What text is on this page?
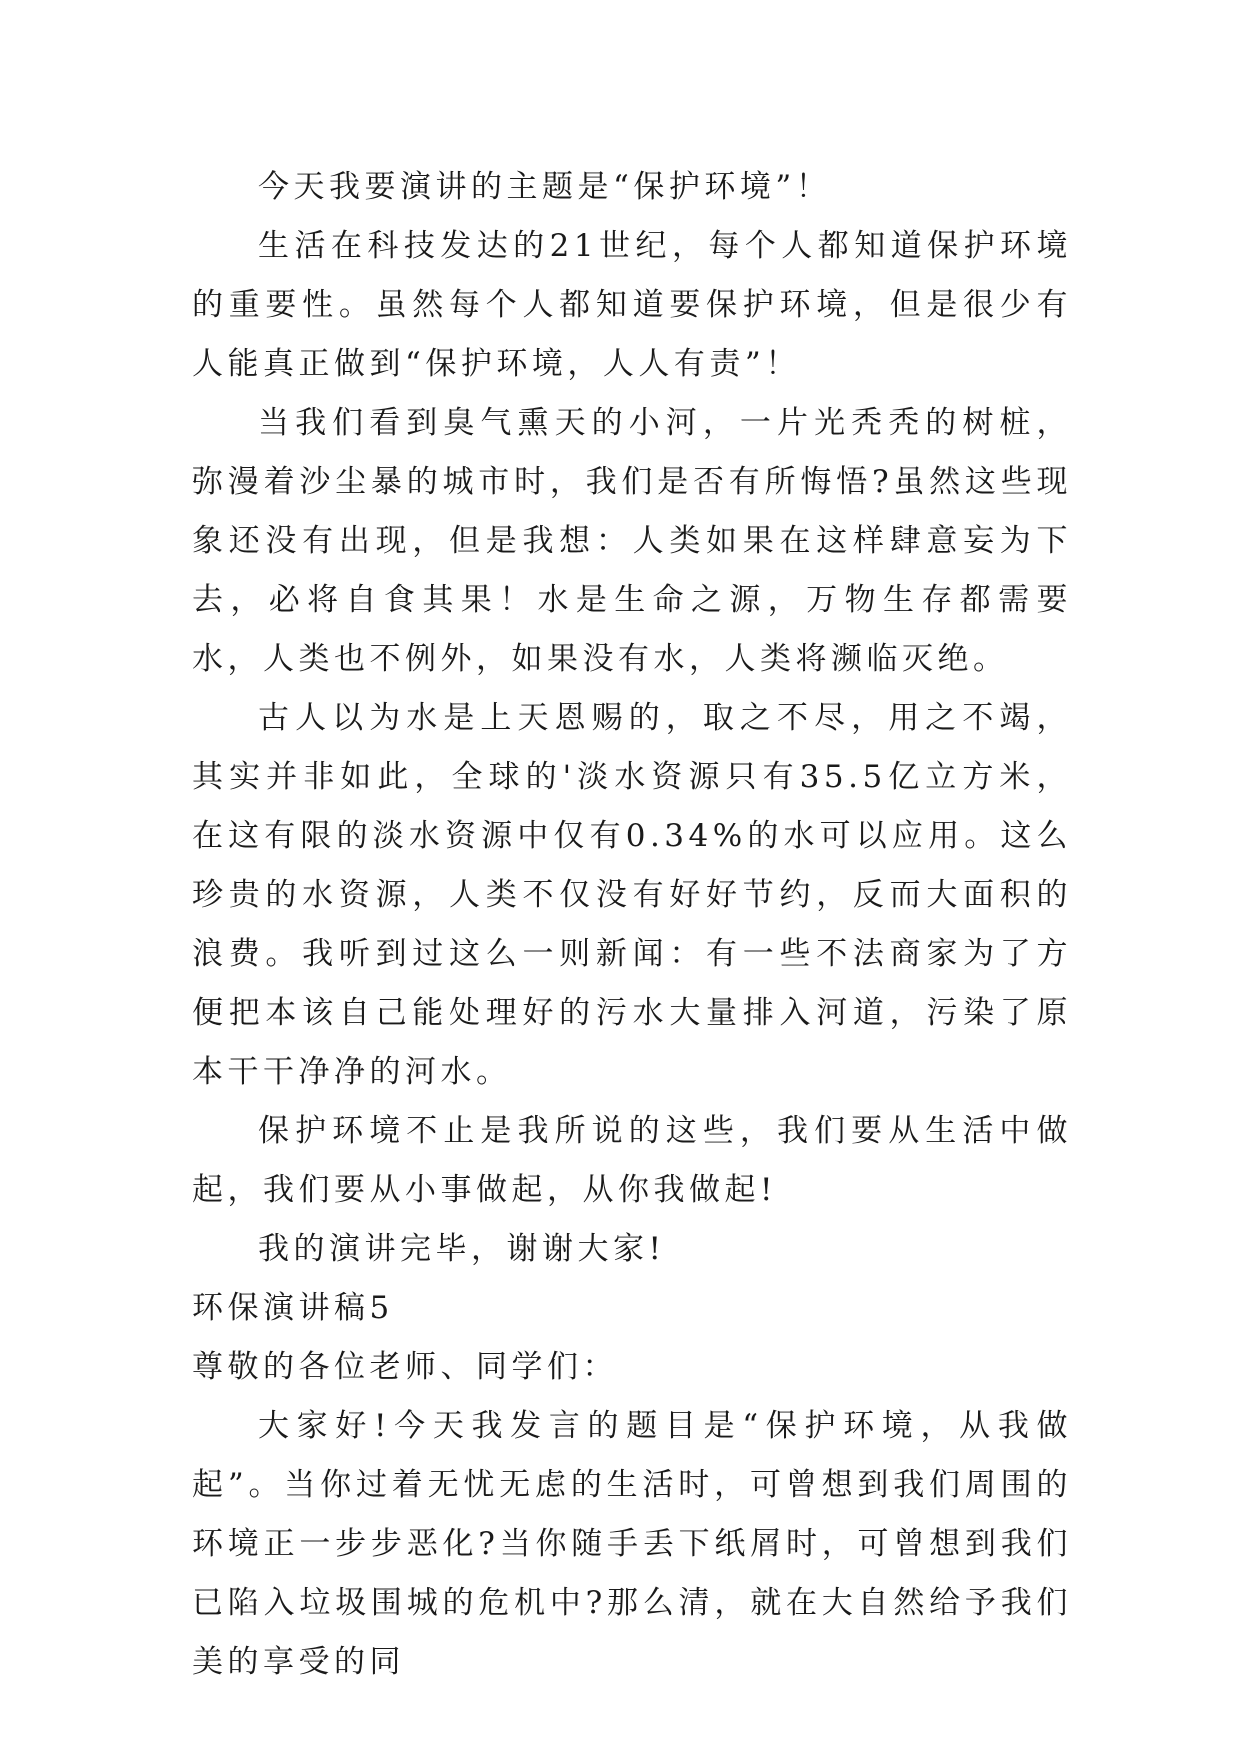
今天我要演讲的主题是“保护环境”！

生活在科技发达的21世纪，每个人都知道保护环境的重要性。虽然每个人都知道要保护环境，但是很少有人能真正做到“保护环境，人人有责”！

当我们看到臭气熏天的小河，一片光秃秃的树桩，弥漫着沙尘暴的城市时，我们是否有所悔悟?虽然这些现象还没有出现，但是我想：人类如果在这样肆意妄为下去，必将自食其果！水是生命之源，万物生存都需要水，人类也不例外，如果没有水，人类将濒临灭绝。

古人以为水是上天恩赐的，取之不尽，用之不竭，其实并非如此，全球的'淡水资源只有35.5亿立方米，在这有限的淡水资源中仅有0.34%的水可以应用。这么珍贵的水资源，人类不仅没有好好节约，反而大面积的浪费。我听到过这么一则新闻：有一些不法商家为了方便把本该自己能处理好的污水大量排入河道，污染了原本干干净净的河水。

保护环境不止是我所说的这些，我们要从生活中做起，我们要从小事做起，从你我做起!

我的演讲完毕，谢谢大家!

环保演讲稿5

尊敬的各位老师、同学们：

大家好!今天我发言的题目是“保护环境，从我做起”。当你过着无忧无虑的生活时，可曾想到我们周围的环境正一步步恶化?当你随手丢下纸屑时，可曾想到我们已陷入垃圾围城的危机中?那么清，就在大自然给予我们美的享受的同
